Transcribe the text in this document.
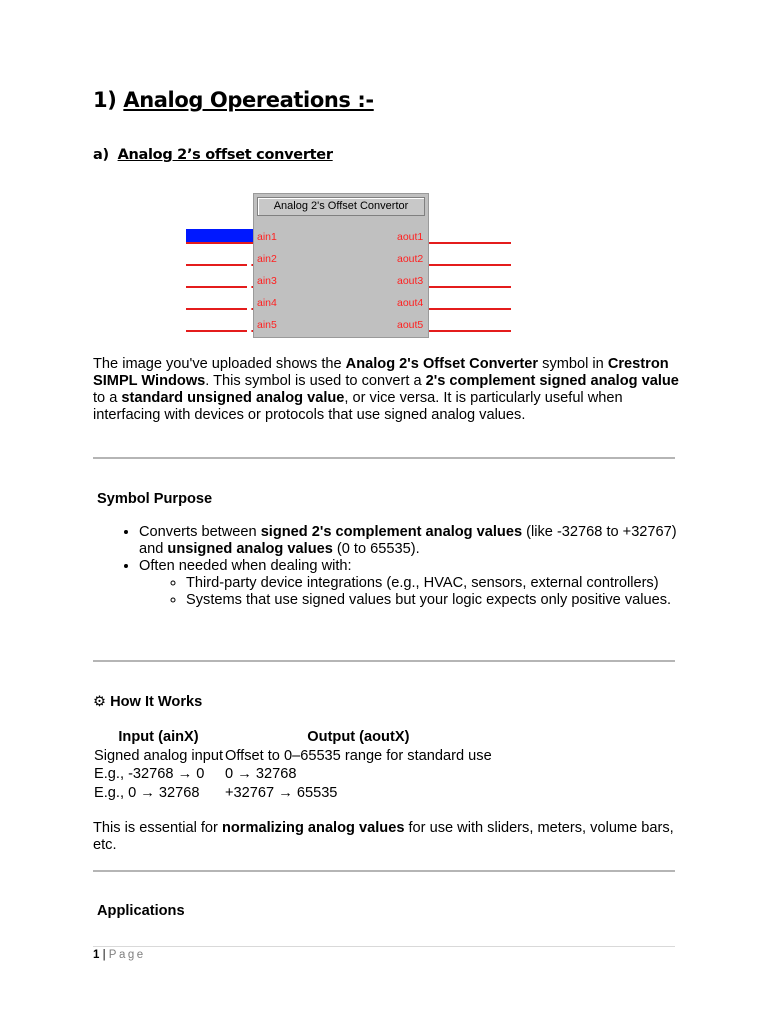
1) Analog Opereations :-
a) Analog 2’s offset converter
Analog 2's Offset Convertor
ain1
ain2
ain3
ain4
ain5
aout1
aout2
aout3
aout4
aout5
The image you've uploaded shows the Analog 2's Offset Converter symbol in Crestron SIMPL Windows. This symbol is used to convert a 2's complement signed analog value to a standard unsigned analog value, or vice versa. It is particularly useful when interfacing with devices or protocols that use signed analog values.
Symbol Purpose
• Converts between signed 2's complement analog values (like -32768 to +32767) and unsigned analog values (0 to 65535).
• Often needed when dealing with:
◦ Third-party device integrations (e.g., HVAC, sensors, external controllers)
◦ Systems that use signed values but your logic expects only positive values.
⚙ How It Works
Input (ainX)	Output (aoutX)
Signed analog input	Offset to 0–65535 range for standard use
E.g., -32768 → 0	0 → 32768
E.g., 0 → 32768	+32767 → 65535
This is essential for normalizing analog values for use with sliders, meters, volume bars, etc.
Applications
1 | Page
